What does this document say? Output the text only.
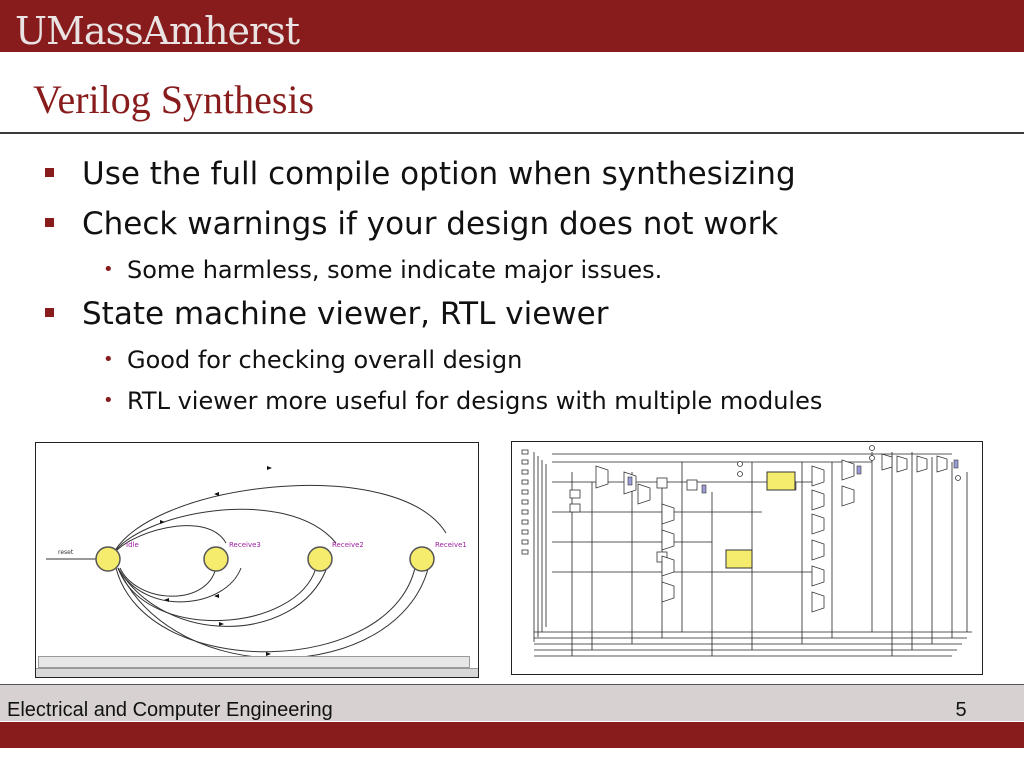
UMassAmherst
Verilog Synthesis
Use the full compile option when synthesizing
Check warnings if your design does not work
• Some harmless, some indicate major issues.
State machine viewer, RTL viewer
• Good for checking overall design
• RTL viewer more useful for designs with multiple modules
reset
Idle	Receive3	Receive2	Receive1
Electrical and Computer Engineering	5
